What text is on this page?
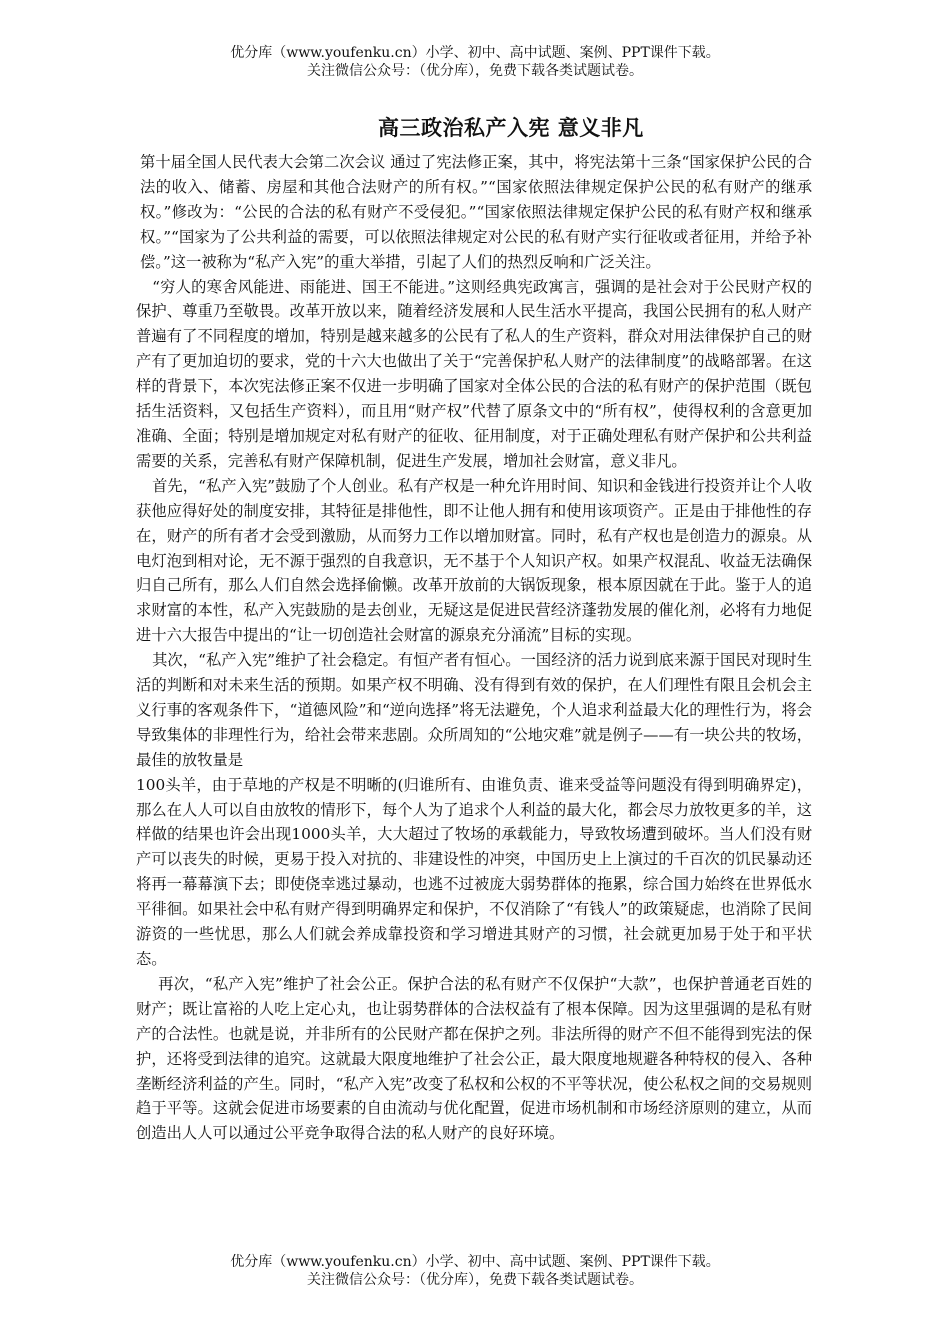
优分库（www.youfenku.cn）小学、初中、高中试题、案例、PPT课件下载。
关注微信公众号：（优分库），免费下载各类试题试卷。
高三政治私产入宪 意义非凡

第十届全国人民代表大会第二次会议 通过了宪法修正案，其中，将宪法第十三条“国家保护公民的合法的收入、储蓄、房屋和其他合法财产的所有权。”“国家依照法律规定保护公民的私有财产的继承权。”修改为：“公民的合法的私有财产不受侵犯。”“国家依照法律规定保护公民的私有财产权和继承权。”“国家为了公共利益的需要，可以依照法律规定对公民的私有财产实行征收或者征用，并给予补偿。”这一被称为“私产入宪”的重大举措，引起了人们的热烈反响和广泛关注。

“穷人的寒舍风能进、雨能进、国王不能进。”这则经典宪政寓言，强调的是社会对于公民财产权的保护、尊重乃至敬畏。改革开放以来，随着经济发展和人民生活水平提高，我国公民拥有的私人财产普遍有了不同程度的增加，特别是越来越多的公民有了私人的生产资料，群众对用法律保护自己的财产有了更加迫切的要求，党的十六大也做出了关于“完善保护私人财产的法律制度”的战略部署。在这样的背景下，本次宪法修正案不仅进一步明确了国家对全体公民的合法的私有财产的保护范围（既包括生活资料，又包括生产资料），而且用“财产权”代替了原条文中的“所有权”，使得权利的含意更加准确、全面；特别是增加规定对私有财产的征收、征用制度，对于正确处理私有财产保护和公共利益需要的关系，完善私有财产保障机制，促进生产发展，增加社会财富，意义非凡。

首先，“私产入宪”鼓励了个人创业。私有产权是一种允许用时间、知识和金钱进行投资并让个人收获他应得好处的制度安排，其特征是排他性，即不让他人拥有和使用该项资产。正是由于排他性的存在，财产的所有者才会受到激励，从而努力工作以增加财富。同时，私有产权也是创造力的源泉。从电灯泡到相对论，无不源于强烈的自我意识，无不基于个人知识产权。如果产权混乱、收益无法确保归自己所有，那么人们自然会选择偷懒。改革开放前的大锅饭现象，根本原因就在于此。鉴于人的追求财富的本性，私产入宪鼓励的是去创业，无疑这是促进民营经济蓬勃发展的催化剂，必将有力地促进十六大报告中提出的“让一切创造社会财富的源泉充分涌流”目标的实现。

其次，“私产入宪”维护了社会稳定。有恒产者有恒心。一国经济的活力说到底来源于国民对现时生活的判断和对未来生活的预期。如果产权不明确、没有得到有效的保护，在人们理性有限且会机会主义行事的客观条件下，“道德风险”和“逆向选择”将无法避免，个人追求利益最大化的理性行为，将会导致集体的非理性行为，给社会带来悲剧。众所周知的“公地灾难”就是例子——有一块公共的牧场，最佳的放牧量是

100头羊，由于草地的产权是不明晰的(归谁所有、由谁负责、谁来受益等问题没有得到明确界定)，那么在人人可以自由放牧的情形下，每个人为了追求个人利益的最大化，都会尽力放牧更多的羊，这样做的结果也许会出现1000头羊，大大超过了牧场的承载能力，导致牧场遭到破坏。当人们没有财产可以丧失的时候，更易于投入对抗的、非建设性的冲突，中国历史上上演过的千百次的饥民暴动还将再一幕幕演下去；即使侥幸逃过暴动，也逃不过被庞大弱势群体的拖累，综合国力始终在世界低水平徘徊。如果社会中私有财产得到明确界定和保护，不仅消除了“有钱人”的政策疑虑，也消除了民间游资的一些忧思，那么人们就会养成靠投资和学习增进其财产的习惯，社会就更加易于处于和平状态。

再次，“私产入宪”维护了社会公正。保护合法的私有财产不仅保护“大款”，也保护普通老百姓的财产；既让富裕的人吃上定心丸，也让弱势群体的合法权益有了根本保障。因为这里强调的是私有财产的合法性。也就是说，并非所有的公民财产都在保护之列。非法所得的财产不但不能得到宪法的保护，还将受到法律的追究。这就最大限度地维护了社会公正，最大限度地规避各种特权的侵入、各种垄断经济利益的产生。同时，“私产入宪”改变了私权和公权的不平等状况，使公私权之间的交易规则趋于平等。这就会促进市场要素的自由流动与优化配置，促进市场机制和市场经济原则的建立，从而创造出人人可以通过公平竞争取得合法的私人财产的良好环境。

优分库（www.youfenku.cn）小学、初中、高中试题、案例、PPT课件下载。
关注微信公众号：（优分库），免费下载各类试题试卷。
